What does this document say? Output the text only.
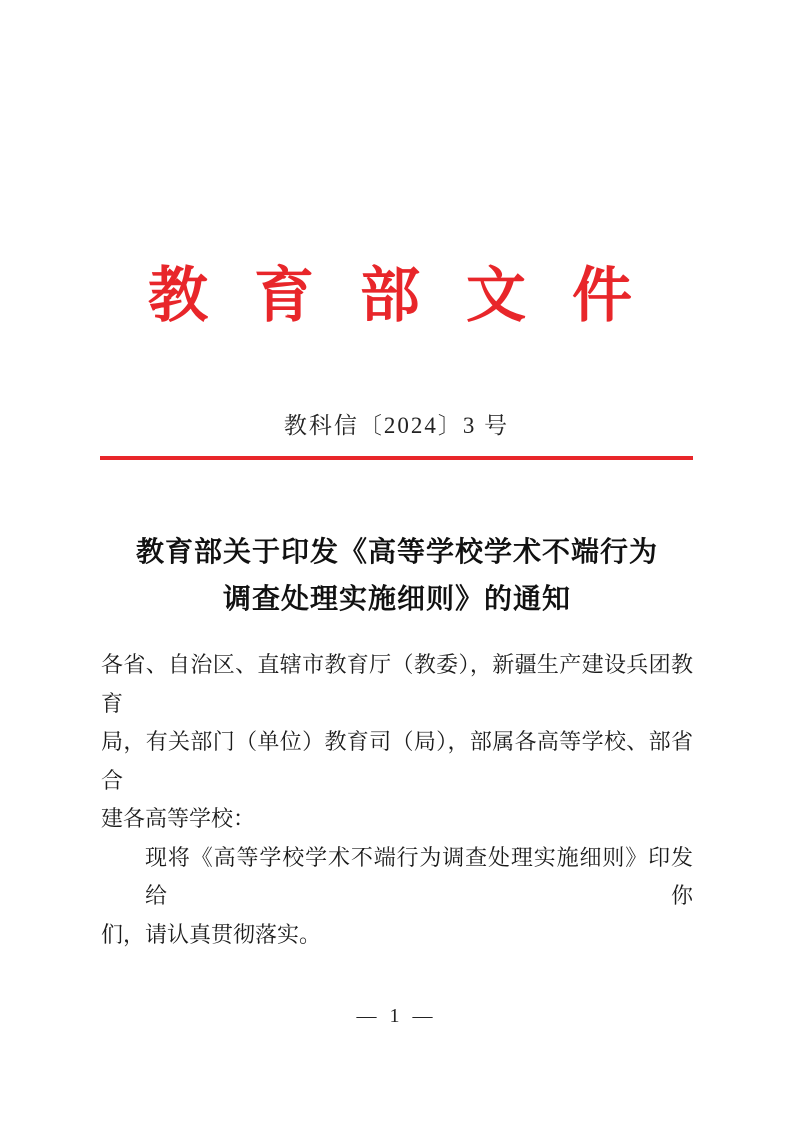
教 育 部 文 件
教科信〔2024〕3 号
教育部关于印发《高等学校学术不端行为
调查处理实施细则》的通知
各省、自治区、直辖市教育厅（教委），新疆生产建设兵团教育
局，有关部门（单位）教育司（局），部属各高等学校、部省合
建各高等学校：
现将《高等学校学术不端行为调查处理实施细则》印发给你
们，请认真贯彻落实。
— 1 —
